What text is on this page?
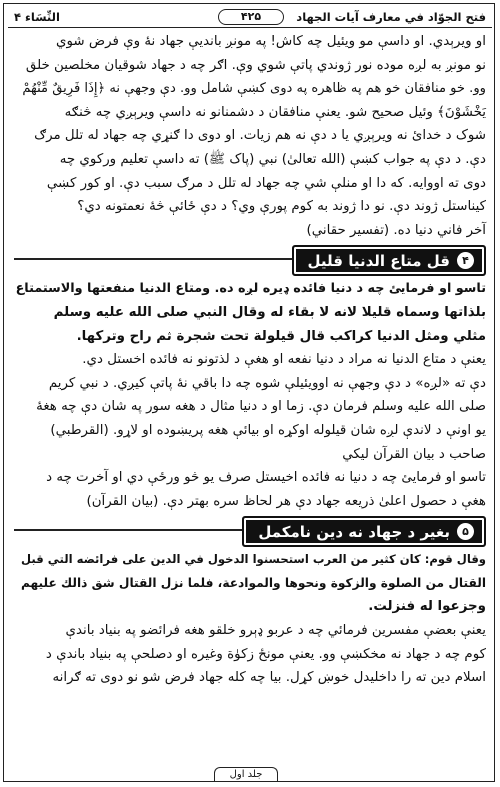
فتح الجوّاد في معارف آيات الجهاد
۴۲۵
النِّسَاء ۴

او ويرېدي. او داسې مو ويئيل چه كاش! په مونږ بانديې جهاد نۀ وې فرض شوي

نو مونږ به لږه موده نور ژوندي پاتې شوي وې. اګر چه د جهاد شوقيان مخلصين خلق

وو. خو منافقان خو هم په ظاهره په دوی کښې شامل وو. دې وجهې نه ﴿إِذَا فَرِيقٌ مِّنْهُمْ

يَخْشَوْنَ﴾ وئيل صحيح شو. يعنې منافقان د دشمنانو نه داسې ويرېږي چه څنګه

شوک د خدائ نه ويرېږي يا د دې نه هم زيات. او دوی دا ګنړي چه جهاد له تلل مرګ

دې. د دې په جواب کښې (الله تعالیٰ) نبي (پاک ﷺ) ته داسې تعليم ورکوي چه

دوی ته اووايه. که دا او منلې شي چه جهاد له تلل د مرګ سبب دې. او کور کښې

کيناستل ژوند دې. نو دا ژوند به کوم پورې وي؟ د دې ځائې څۀ نعمتونه دي؟

آخر فاني دنيا ده. (تفسير حقاني)

۴
قل متاع الدنيا قليل

تاسو او فرمايئ چه د دنيا فائده ډيره لږه ده. ومتاع الدنيا منفعتها والاستمتاع

بلذاتها وسماه قليلا لانه لا بقاء له وقال النبي صلى الله عليه وسلم

مثلي ومثل الدنيا كراكب قال قيلولة تحت شجرة ثم راح وتركها.

يعنې د متاع الدنيا نه مراد د دنيا نفعه او هغې د لذتونو نه فائده اخستل دي.

دې ته «لږه» د دې وجهې نه اوويئيلې شوه چه دا باقي نۀ پاتې کيږي. د نبي کريم

صلی الله عليه وسلم فرمان دې. زما او د دنيا مثال د هغه سور په شان دې چه هغۀ

يو اونې د لاندې لږه شان قيلوله اوکړه او بيائې هغه پريښوده او لاړو. (القرطبي)

صاحب د بيان القرآن ليکي

تاسو او فرمايئ چه د دنيا نه فائده اخيستل صرف يو څو ورځې دي او آخرت چه د

هغې د حصول اعلیٰ ذريعه جهاد دې هر لحاظ سره بهتر دې. (بيان القرآن)

۵
بغير د جهاد نه دين نامكمل

وقال قوم: كان كثير من العرب استحسنوا الدخول في الدين على فرائضه التي قبل

القتال من الصلوة والزكوة ونحوها والموادعة، فلما نزل القتال شق ذالك عليهم

وجزعوا له فنزلت.

يعنې بعضې مفسرين فرمائي چه د عربو ډېرو خلقو هغه فرائضو په بنياد باندې

کوم چه د جهاد نه مخکښې وو. يعنې مونځ زکوٰة وغيره او دصلحې په بنياد باندې د

اسلام دين ته را داخليدل خوښ کړل. بيا چه کله جهاد فرض شو نو دوی ته ګرانه

جلد اول
